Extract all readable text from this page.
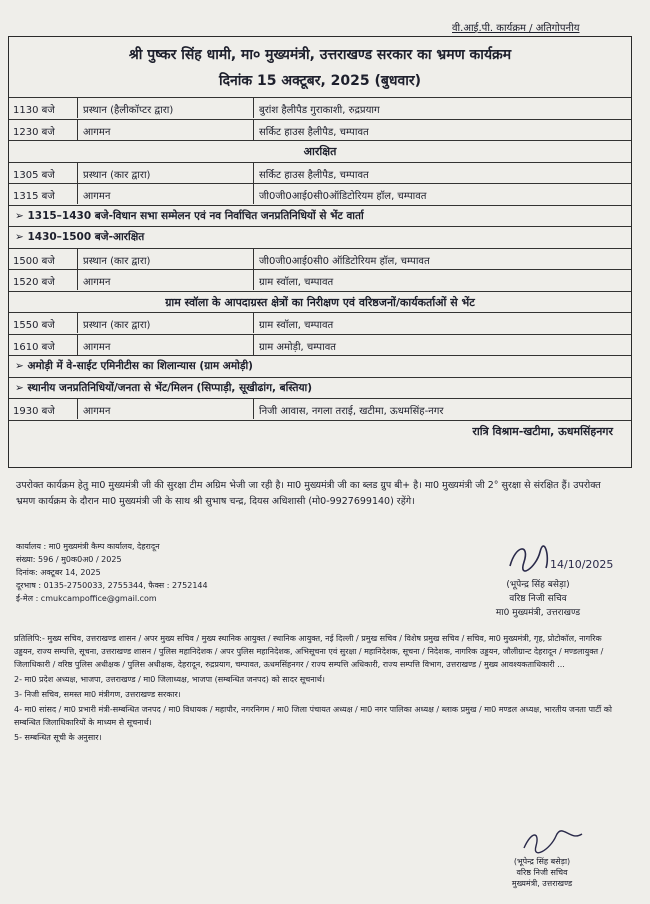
वी.आई.पी. कार्यक्रम / अतिगोपनीय
श्री पुष्कर सिंह धामी, मा० मुख्यमंत्री, उत्तराखण्ड सरकार का भ्रमण कार्यक्रम
दिनांक 15 अक्टूबर, 2025 (बुधवार)
1130 बजे	प्रस्थान (हैलीकॉप्टर द्वारा)	बुरांश हैलीपैड गुराकाशी, रुद्रप्रयाग
1230 बजे	आगमन	सर्किट हाउस हैलीपैड, चम्पावत
आरक्षित
1305 बजे	प्रस्थान (कार द्वारा)	सर्किट हाउस हैलीपैड, चम्पावत
1315 बजे	आगमन	जी0जी0आई0सी0ऑडिटोरियम हॉल, चम्पावत
➢ 1315–1430 बजे-विधान सभा सम्मेलन एवं नव निर्वाचित जनप्रतिनिधियों से भेंट वार्ता
➢ 1430–1500 बजे-आरक्षित
1500 बजे	प्रस्थान (कार द्वारा)	जी0जी0आई0सी0 ऑडिटोरियम हॉल, चम्पावत
1520 बजे	आगमन	ग्राम स्वॉला, चम्पावत
ग्राम स्वॉला के आपदाग्रस्त क्षेत्रों का निरीक्षण एवं वरिष्ठजनों/कार्यकर्ताओं से भेंट
1550 बजे	प्रस्थान (कार द्वारा)	ग्राम स्वॉला, चम्पावत
1610 बजे	आगमन	ग्राम अमोड़ी, चम्पावत
➢ अमोड़ी में वे-साईट एमिनीटीस का शिलान्यास (ग्राम अमोड़ी)
➢ स्थानीय जनप्रतिनिधियों/जनता से भेंट/मिलन (सिप्पाड़ी, सूखीढांग, बस्तिया)
1930 बजे	आगमन	निजी आवास, नगला तराई, खटीमा, ऊधमसिंह-नगर
रात्रि विश्राम-खटीमा, ऊधमसिंहनगर
उपरोक्त कार्यक्रम हेतु मा0 मुख्यमंत्री जी की सुरक्षा टीम अग्रिम भेजी जा रही है। मा0 मुख्यमंत्री जी का ब्लड ग्रुप बी+ है। मा0 मुख्यमंत्री जी 2° सुरक्षा से संरक्षित हैं। उपरोक्त भ्रमण कार्यक्रम के दौरान मा0 मुख्यमंत्री जी के साथ श्री सुभाष चन्द्र, दियस अधिशासी (मो0-9927699140) रहेंगे।
कार्यालय : मा0 मुख्यमंत्री कैम्प कार्यालय, देहरादून
संख्या: 596 / मु0क0अ0 / 2025
दिनांक: अक्टूबर 14, 2025
दूरभाष : 0135-2750033, 2755344, फैक्स : 2752144
ई-मेल : cmukcampoffice@gmail.com
14/10/2025
(भूपेन्द्र सिंह बसेड़ा)
वरिष्ठ निजी सचिव
मा0 मुख्यमंत्री, उत्तराखण्ड
प्रतिलिपि:- मुख्य सचिव, उत्तराखण्ड शासन / अपर मुख्य सचिव / मुख्य स्थानिक आयुक्त / स्थानिक आयुक्त, नई दिल्ली / प्रमुख सचिव / विशेष प्रमुख सचिव / सचिव, मा0 मुख्यमंत्री, गृह, प्रोटोकॉल, नागरिक उड्डयन, राज्य सम्पत्ति, सूचना, उत्तराखण्ड शासन / पुलिस महानिदेशक / अपर पुलिस महानिदेशक, अभिसूचना एवं सुरक्षा / महानिदेशक, सूचना / निदेशक, नागरिक उड्डयन, जौलीग्रान्ट देहरादून / मण्डलायुक्त / जिलाधिकारी / वरिष्ठ पुलिस अधीक्षक / पुलिस अधीक्षक, देहरादून, रुद्रप्रयाग, चम्पावत, ऊधमसिंहनगर / राज्य सम्पत्ति अधिकारी, राज्य सम्पत्ति विभाग, उत्तराखण्ड / मुख्य आवश्यकताधिकारी ...
2- मा0 प्रदेश अध्यक्ष, भाजपा, उत्तराखण्ड / मा0 जिलाध्यक्ष, भाजपा (सम्बन्धित जनपद) को सादर सूचनार्थ।
3- निजी सचिव, समस्त मा0 मंत्रीगण, उत्तराखण्ड सरकार।
4- मा0 सांसद / मा0 प्रभारी मंत्री-सम्बन्धित जनपद / मा0 विधायक / महापौर, नगरनिगम / मा0 जिला पंचायत अध्यक्ष / मा0 नगर पालिका अध्यक्ष / ब्लाक प्रमुख / मा0 मण्डल अध्यक्ष, भारतीय जनता पार्टी को सम्बन्धित जिलाधिकारियों के माध्यम से सूचनार्थ।
5- सम्बन्धित सूची के अनुसार।
(भूपेन्द्र सिंह बसेड़ा)
वरिष्ठ निजी सचिव
मुख्यमंत्री, उत्तराखण्ड
